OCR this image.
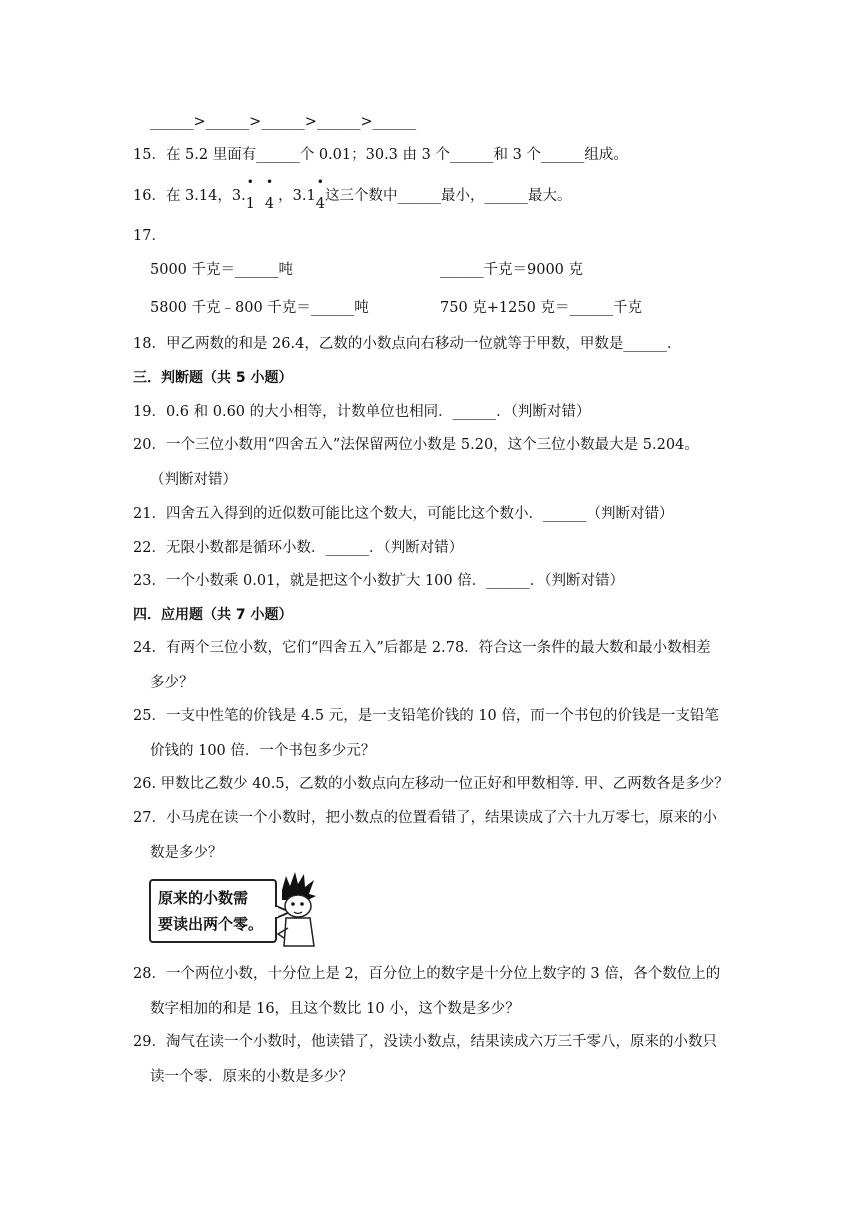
______>______>______>______>______
15．在 5.2 里面有______个 0.01；30.3 由 3 个______和 3 个______组成。
16．在 3.14，3.
•
1
•
4 ，3.1
•
4这三个数中______最小，______最大。
17．
5000 千克＝______吨	______千克＝9000 克
5800 千克﹣800 千克＝______吨	750 克+1250 克＝______千克
18．甲乙两数的和是 26.4，乙数的小数点向右移动一位就等于甲数，甲数是______．
三．判断题（共 5 小题）
19．0.6 和 0.60 的大小相等，计数单位也相同．______．（判断对错）
20．一个三位小数用“四舍五入”法保留两位小数是 5.20，这个三位小数最大是 5.204。
（判断对错）
21．四舍五入得到的近似数可能比这个数大，可能比这个数小．______（判断对错）
22．无限小数都是循环小数．______．（判断对错）
23．一个小数乘 0.01，就是把这个小数扩大 100 倍．______．（判断对错）
四．应用题（共 7 小题）
24．有两个三位小数，它们“四舍五入”后都是 2.78．符合这一条件的最大数和最小数相差
多少？
25．一支中性笔的价钱是 4.5 元，是一支铅笔价钱的 10 倍，而一个书包的价钱是一支铅笔
价钱的 100 倍．一个书包多少元？
26. 甲数比乙数少 40.5，乙数的小数点向左移动一位正好和甲数相等. 甲、乙两数各是多少？
27．小马虎在读一个小数时，把小数点的位置看错了，结果读成了六十九万零七，原来的小
数是多少？
原来的小数需
要读出两个零。
28．一个两位小数，十分位上是 2，百分位上的数字是十分位上数字的 3 倍，各个数位上的
数字相加的和是 16，且这个数比 10 小，这个数是多少？
29．淘气在读一个小数时，他读错了，没读小数点，结果读成六万三千零八，原来的小数只
读一个零．原来的小数是多少？
